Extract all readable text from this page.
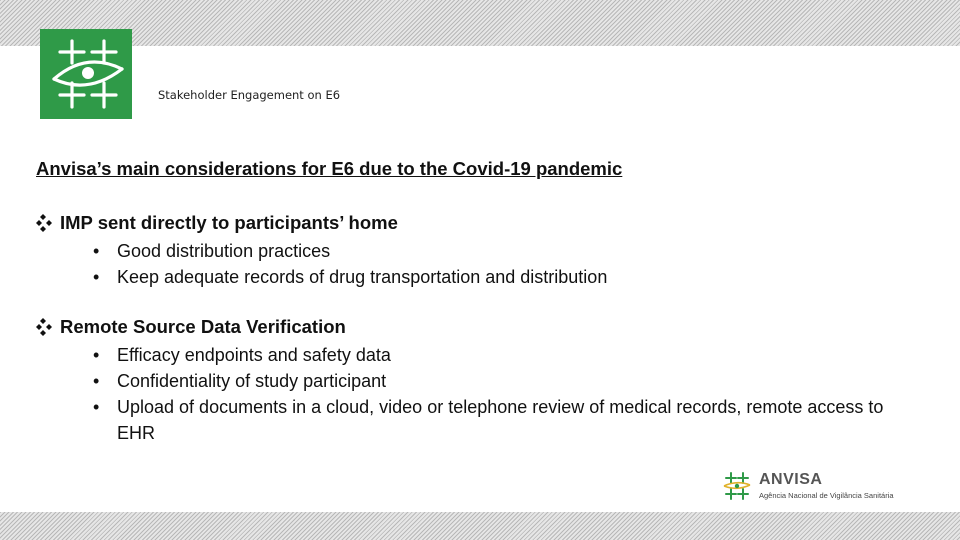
Stakeholder Engagement on E6
Anvisa’s main considerations for E6 due to the Covid-19 pandemic
IMP sent directly to participants’ home
• Good distribution practices
• Keep adequate records of drug transportation and distribution
Remote Source Data Verification
• Efficacy endpoints and safety data
• Confidentiality of study participant
• Upload of documents in a cloud, video or telephone review of medical records, remote access to EHR
ANVISA
Agência Nacional de Vigilância Sanitária
